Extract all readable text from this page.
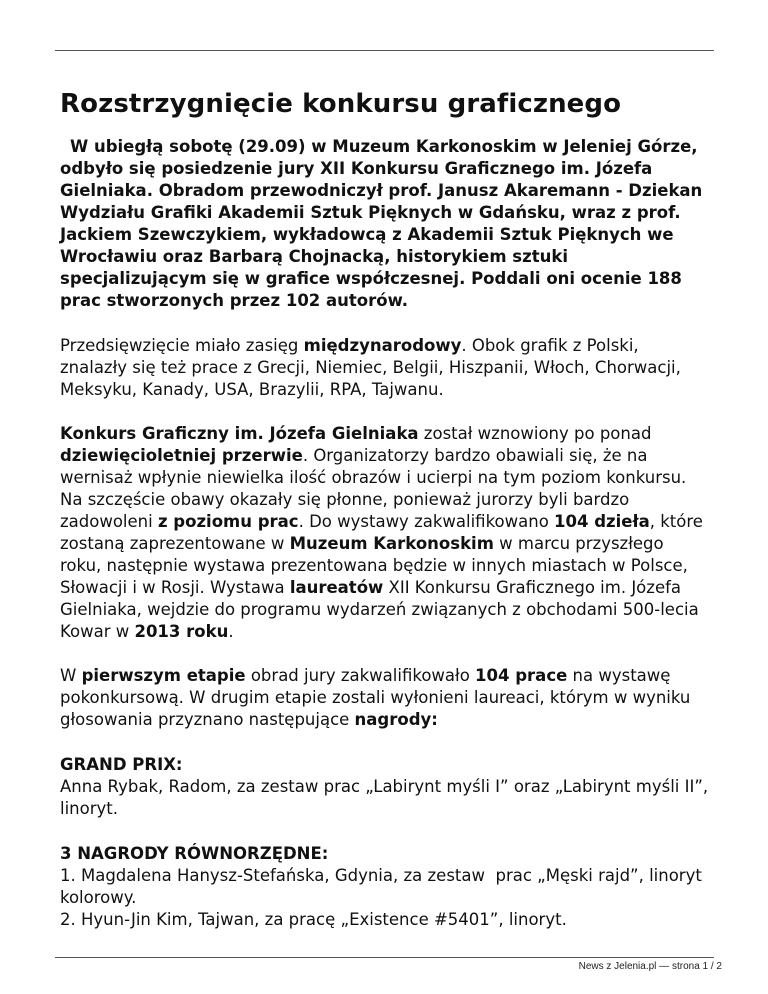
Rozstrzygnięcie konkursu graficznego

W ubiegłą sobotę (29.09) w Muzeum Karkonoskim w Jeleniej Górze, odbyło się posiedzenie jury XII Konkursu Graficznego im. Józefa Gielniaka. Obradom przewodniczył prof. Janusz Akaremann - Dziekan Wydziału Grafiki Akademii Sztuk Pięknych w Gdańsku, wraz z prof. Jackiem Szewczykiem, wykładowcą z Akademii Sztuk Pięknych we Wrocławiu oraz Barbarą Chojnacką, historykiem sztuki specjalizującym się w grafice współczesnej. Poddali oni ocenie 188 prac stworzonych przez 102 autorów.

Przedsięwzięcie miało zasięg międzynarodowy. Obok grafik z Polski, znalazły się też prace z Grecji, Niemiec, Belgii, Hiszpanii, Włoch, Chorwacji, Meksyku, Kanady, USA, Brazylii, RPA, Tajwanu.

Konkurs Graficzny im. Józefa Gielniaka został wznowiony po ponad dziewięcioletniej przerwie. Organizatorzy bardzo obawiali się, że na wernisaż wpłynie niewielka ilość obrazów i ucierpi na tym poziom konkursu. Na szczęście obawy okazały się płonne, ponieważ jurorzy byli bardzo zadowoleni z poziomu prac. Do wystawy zakwalifikowano 104 dzieła, które zostaną zaprezentowane w Muzeum Karkonoskim w marcu przyszłego roku, następnie wystawa prezentowana będzie w innych miastach w Polsce, Słowacji i w Rosji. Wystawa laureatów XII Konkursu Graficznego im. Józefa Gielniaka, wejdzie do programu wydarzeń związanych z obchodami 500-lecia Kowar w 2013 roku.

W pierwszym etapie obrad jury zakwalifikowało 104 prace na wystawę pokonkursową. W drugim etapie zostali wyłonieni laureaci, którym w wyniku głosowania przyznano następujące nagrody:

GRAND PRIX:
Anna Rybak, Radom, za zestaw prac „Labirynt myśli I” oraz „Labirynt myśli II”, linoryt.

3 NAGRODY RÓWNORZĘDNE:
1. Magdalena Hanysz-Stefańska, Gdynia, za zestaw  prac „Męski rajd”, linoryt kolorowy.
2. Hyun-Jin Kim, Tajwan, za pracę „Existence #5401”, linoryt.

News z Jelenia.pl — strona 1 / 2
